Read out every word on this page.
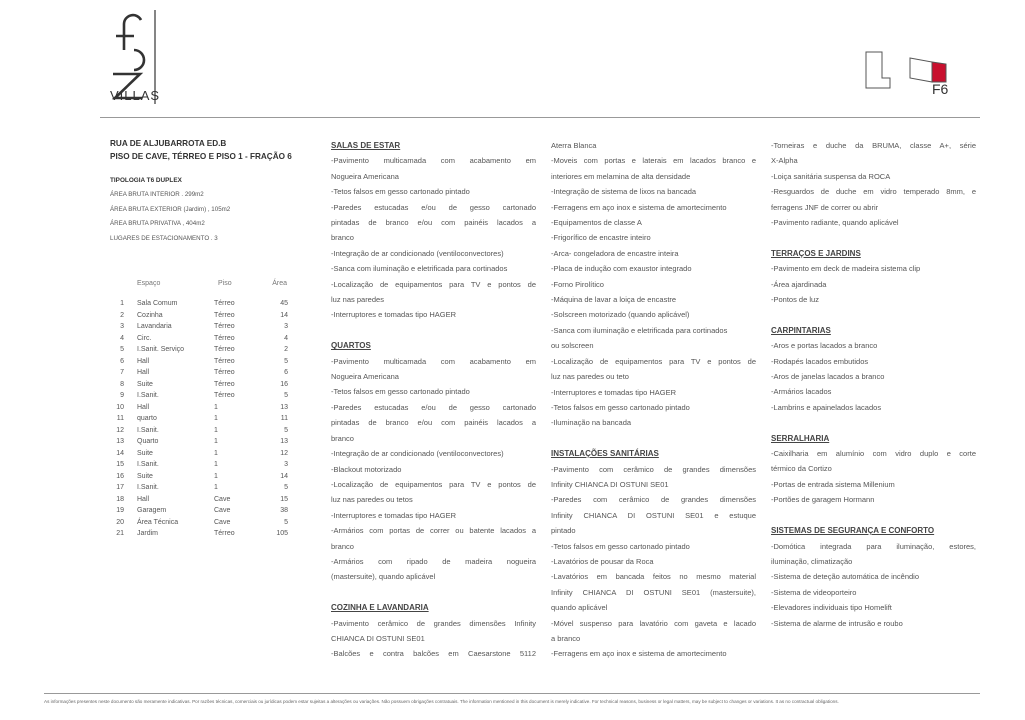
VILLAS	F6
RUA DE ALJUBARROTA ED.B
PISO DE CAVE, TÉRREO E PISO 1 - FRAÇÃO 6
TIPOLOGIA T6 DUPLEX
ÁREA BRUTA INTERIOR . 299m2
ÁREA BRUTA EXTERIOR (Jardim) , 105m2
ÁREA BRUTA PRIVATIVA , 404m2
LUGARES DE ESTACIONAMENTO . 3
Espaço	Piso	Área
1 Sala Comum	Térreo	45
2 Cozinha	Térreo	14
3 Lavandaria	Térreo	3
4 Circ.	Térreo	4
5 I.Sanit. Serviço	Térreo	2
6 Hall	Térreo	5
7 Hall	Térreo	6
8 Suite	Térreo	16
9 I.Sanit.	Térreo	5
10 Hall	1	13
11 quarto	1	11
12 I.Sanit.	1	5
13 Quarto	1	13
14 Suite	1	12
15 I.Sanit.	1	3
16 Suite	1	14
17 I.Sanit.	1	5
18 Hall	Cave	15
19 Garagem	Cave	38
20 Área Técnica	Cave	5
21 Jardim	Térreo	105
SALAS DE ESTAR
-Pavimento multicamada com acabamento em
Nogueira Americana
-Tetos falsos em gesso cartonado pintado
-Paredes estucadas e/ou de gesso cartonado
pintadas de branco e/ou com painéis lacados a
branco
-Integração de ar condicionado (ventiloconvectores)
-Sanca com iluminação e eletrificada para cortinados
-Localização de equipamentos para TV e pontos de
luz nas paredes
-Interruptores e tomadas tipo HAGER
QUARTOS
-Pavimento multicamada com acabamento em
Nogueira Americana
-Tetos falsos em gesso cartonado pintado
-Paredes estucadas e/ou de gesso cartonado
pintadas de branco e/ou com painéis lacados a
branco
-Integração de ar condicionado (ventiloconvectores)
-Blackout motorizado
-Localização de equipamentos para TV e pontos de
luz nas paredes ou tetos
-Interruptores e tomadas tipo HAGER
-Armários com portas de correr ou batente lacados a
branco
-Armários com ripado de madeira nogueira
(mastersuite), quando aplicável
COZINHA E LAVANDARIA
-Pavimento cerâmico de grandes dimensões Infinity
CHIANCA DI OSTUNI SE01
-Balcões e contra balcões em Caesarstone 5112
Aterra Blanca
-Moveis com portas e laterais em lacados branco e
interiores em melamina de alta densidade
-Integração de sistema de lixos na bancada
-Ferragens em aço inox e sistema de amortecimento
-Equipamentos de classe A
-Frigorífico de encastre inteiro
-Arca- congeladora de encastre inteira
-Placa de indução com exaustor integrado
-Forno Pirolítico
-Máquina de lavar a loiça de encastre
-Solscreen motorizado (quando aplicável)
-Sanca com iluminação e eletrificada para cortinados
ou solscreen
-Localização de equipamentos para TV e pontos de
luz nas paredes ou teto
-Interruptores e tomadas tipo HAGER
-Tetos falsos em gesso cartonado pintado
-Iluminação na bancada
INSTALAÇÕES SANITÁRIAS
-Pavimento com cerâmico de grandes dimensões
Infinity CHIANCA DI OSTUNI SE01
-Paredes com cerâmico de grandes dimensões
Infinity CHIANCA DI OSTUNI SE01 e estuque
pintado
-Tetos falsos em gesso cartonado pintado
-Lavatórios de pousar da Roca
-Lavatórios em bancada feitos no mesmo material
Infinity CHIANCA DI OSTUNI SE01 (mastersuite),
quando aplicável
-Móvel suspenso para lavatório com gaveta e lacado
a branco
-Ferragens em aço inox e sistema de amortecimento
-Torneiras e duche da BRUMA, classe A+, série
X-Alpha
-Loiça sanitária suspensa da ROCA
-Resguardos de duche em vidro temperado 8mm, e
ferragens JNF de correr ou abrir
-Pavimento radiante, quando aplicável
TERRAÇOS E JARDINS
-Pavimento em deck de madeira sistema clip
-Área ajardinada
-Pontos de luz
CARPINTARIAS
-Aros e portas lacados a branco
-Rodapés lacados embutidos
-Aros de janelas lacados a branco
-Armários lacados
-Lambrins e apainelados lacados
SERRALHARIA
-Caixilharia em alumínio com vidro duplo e corte
térmico da Cortizo
-Portas de entrada sistema Millenium
-Portões de garagem Hormann
SISTEMAS DE SEGURANÇA E CONFORTO
-Domótica integrada para iluminação, estores,
iluminação, climatização
-Sistema de deteção automática de incêndio
-Sistema de videoporteiro
-Elevadores individuais tipo Homelift
-Sistema de alarme de intrusão e roubo
As informações presentes neste documento são meramente indicativas. Por razões técnicas, comerciais ou jurídicas podem estar sujeitas a alterações ou variações. Não possuem obrigações contratuais. The information mentioned in this document is merely indicative. For technical reasons, business or legal matters, may be subject to changes or variations. It as no contractual obligations.
